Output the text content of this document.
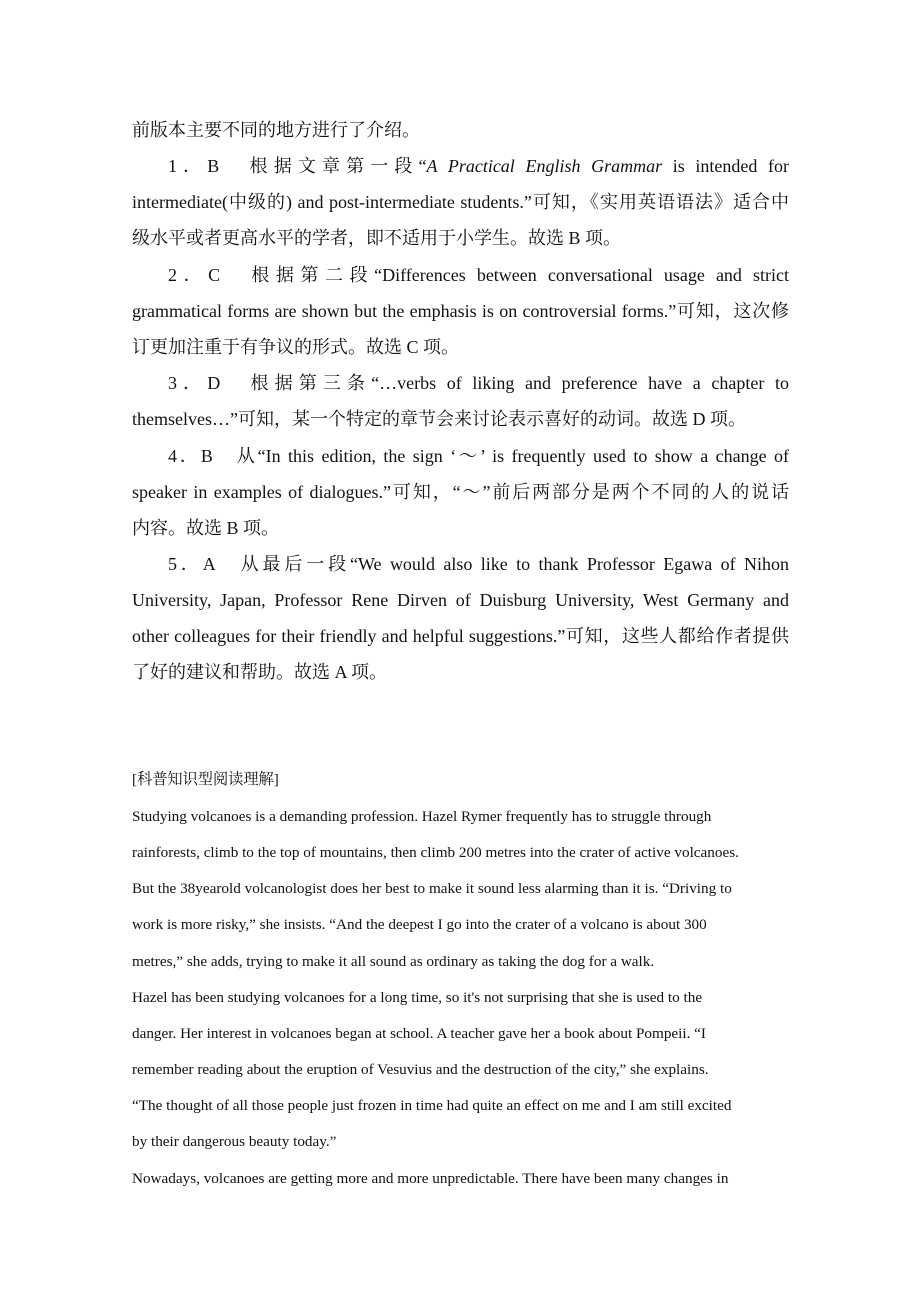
前版本主要不同的地方进行了介绍。
1．B　根据文章第一段“A Practical English Grammar is intended for
intermediate(中级的) and post-intermediate students.”可知，《实用英语语法》适合中
级水平或者更高水平的学者，即不适用于小学生。故选 B 项。
2．C　根据第二段“Differences between conversational usage and strict
grammatical forms are shown but the emphasis is on controversial forms.”可知，这次修
订更加注重于有争议的形式。故选 C 项。
3．D　根据第三条“…verbs of liking and preference have a chapter to
themselves…”可知，某一个特定的章节会来讨论表示喜好的动词。故选 D 项。
4．B　从“In this edition, the sign ‘～’ is frequently used to show a change of
speaker in examples of dialogues.”可知，“～”前后两部分是两个不同的人的说话
内容。故选 B 项。
5．A　从最后一段“We would also like to thank Professor Egawa of Nihon
University, Japan, Professor Rene Dirven of Duisburg University, West Germany and
other colleagues for their friendly and helpful suggestions.”可知，这些人都给作者提供
了好的建议和帮助。故选 A 项。
[科普知识型阅读理解]
Studying volcanoes is a demanding profession. Hazel Rymer frequently has to struggle through
rainforests, climb to the top of mountains, then climb 200 metres into the crater of active volcanoes.
But the 38yearold volcanologist does her best to make it sound less alarming than it is. “Driving to
work is more risky,” she insists. “And the deepest I go into the crater of a volcano is about 300
metres,” she adds, trying to make it all sound as ordinary as taking the dog for a walk.
Hazel has been studying volcanoes for a long time, so it's not surprising that she is used to the
danger. Her interest in volcanoes began at school. A teacher gave her a book about Pompeii. “I
remember reading about the eruption of Vesuvius and the destruction of the city,” she explains.
“The thought of all those people just frozen in time had quite an effect on me and I am still excited
by their dangerous beauty today.”
Nowadays, volcanoes are getting more and more unpredictable. There have been many changes in
